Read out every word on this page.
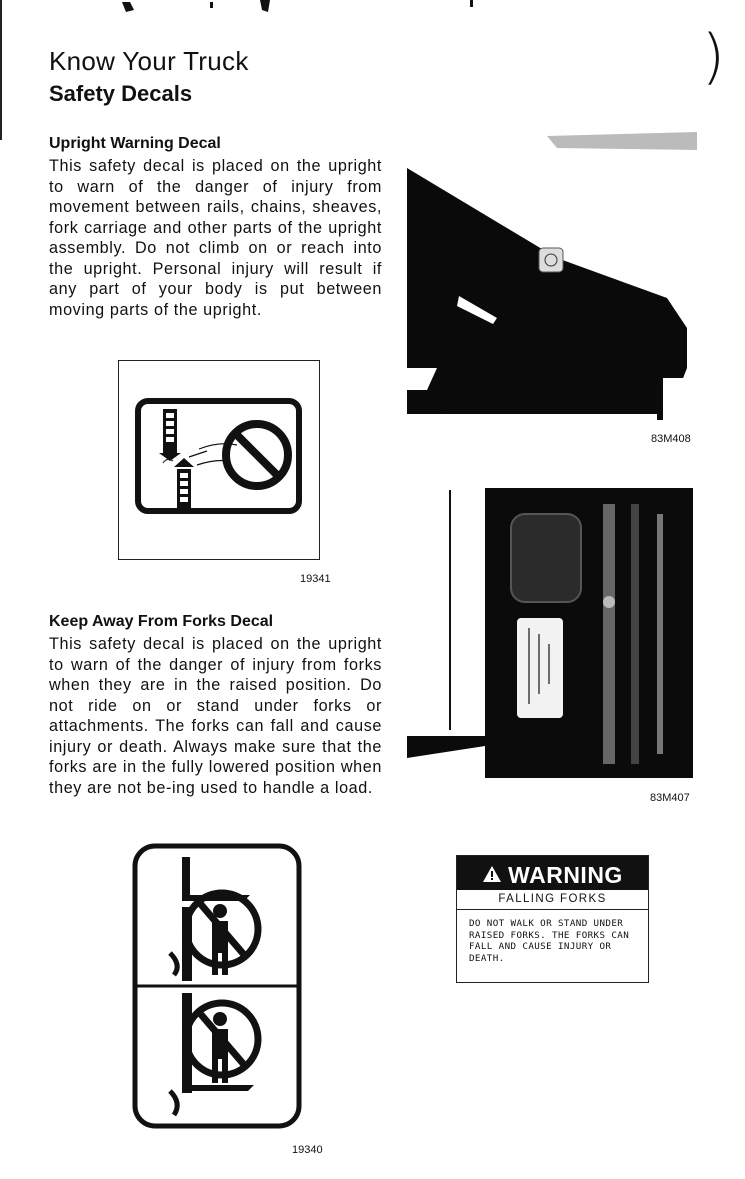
)
Know Your Truck
Safety Decals
Upright Warning Decal
This safety decal is placed on the upright to warn of the danger of injury from movement between rails, chains, sheaves, fork carriage and other parts of the upright assembly. Do not climb on or reach into the upright. Personal injury will result if any part of your body is put between moving parts of the upright.
19341
Keep Away From Forks Decal
This safety decal is placed on the upright to warn of the danger of injury from forks when they are in the raised position. Do not ride on or stand under forks or attachments. The forks can fall and cause injury or death. Always make sure that the forks are in the fully lowered position when they are not be-ing used to handle a load.
19340
83M408
83M407
WARNING
FALLING FORKS
DO NOT WALK OR STAND UNDER RAISED FORKS. THE FORKS CAN FALL AND CAUSE INJURY OR DEATH.
